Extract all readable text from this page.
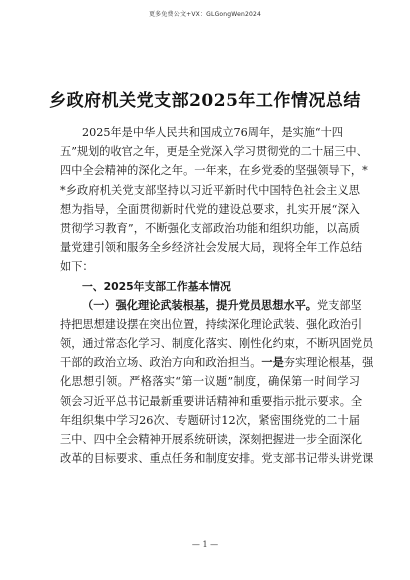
更多免费公文+VX：GLGongWen2024
乡政府机关党支部2025年工作情况总结
2025年是中华人民共和国成立76周年，是实施“十四
五”规划的收官之年，更是全党深入学习贯彻党的二十届三中、
四中全会精神的深化之年。一年来，在乡党委的坚强领导下，*
*乡政府机关党支部坚持以习近平新时代中国特色社会主义思
想为指导，全面贯彻新时代党的建设总要求，扎实开展“深入
贯彻学习教育”，不断强化支部政治功能和组织功能，以高质
量党建引领和服务全乡经济社会发展大局，现将全年工作总结
如下：
一、2025年支部工作基本情况
（一）强化理论武装根基，提升党员思想水平。党支部坚
持把思想建设摆在突出位置，持续深化理论武装、强化政治引
领，通过常态化学习、制度化落实、刚性化约束，不断巩固党员
干部的政治立场、政治方向和政治担当。一是夯实理论根基，强
化思想引领。严格落实“第一议题”制度，确保第一时间学习
领会习近平总书记最新重要讲话精神和重要指示批示要求。全
年组织集中学习26次、专题研讨12次，紧密围绕党的二十届
三中、四中全会精神开展系统研读，深刻把握进一步全面深化
改革的目标要求、重点任务和制度安排。党支部书记带头讲党课
— 1 —
